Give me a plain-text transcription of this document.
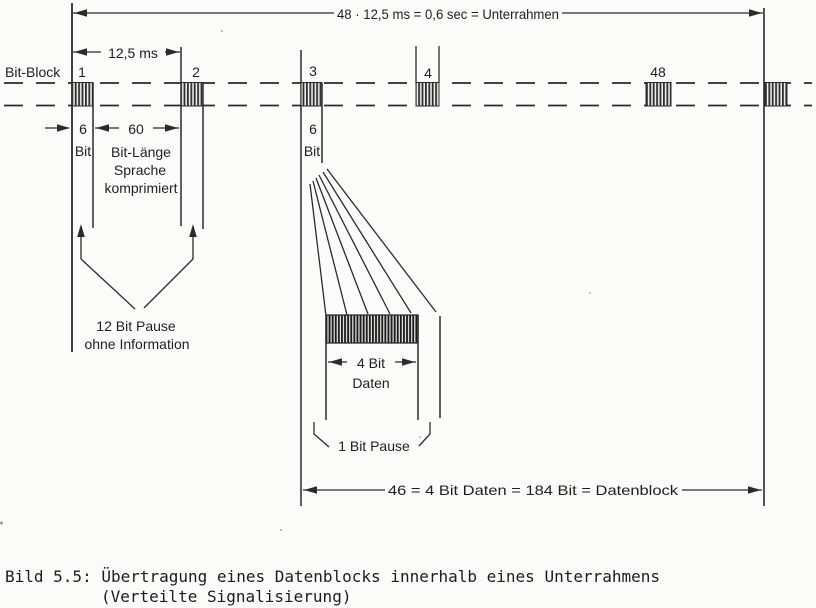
48 · 12,5 ms = 0,6 sec = Unterrahmen
12,5 ms
Bit-Block 1	2	3	4	48
6
Bit
60
Bit-Länge
Sprache
komprimiert
6
Bit
12 Bit Pause
ohne Information
4 Bit
Daten
1 Bit Pause
46 = 4 Bit Daten = 184 Bit = Datenblock
Bild 5.5: Übertragung eines Datenblocks innerhalb eines Unterrahmens
(Verteilte Signalisierung)
